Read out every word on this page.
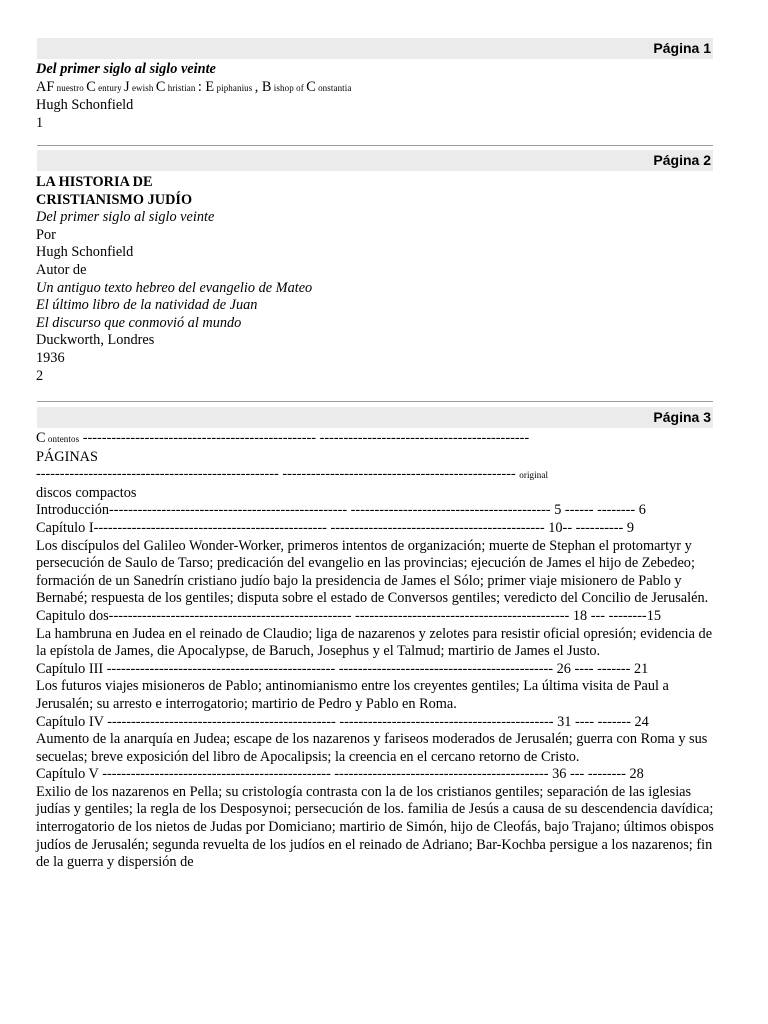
Página 1
Del primer siglo al siglo veinte
AF nuestro C entury J ewish C hristian : E piphanius , B ishop of C onstantia
Hugh Schonfield
1
Página 2
LA HISTORIA DE
CRISTIANISMO JUDÍO
Del primer siglo al siglo veinte
Por
Hugh Schonfield
Autor de
Un antiguo texto hebreo del evangelio de Mateo
El último libro de la natividad de Juan
El discurso que conmovió al mundo
Duckworth, Londres
1936
2
Página 3
C ontentos ------------------------------------------------- --------------------------------------------
PÁGINAS
--------------------------------------------------- ------------------------------------------------- original
discos compactos
Introducción-------------------------------------------------- ------------------------------------------ 5 ------ -------- 6
Capítulo I------------------------------------------------- --------------------------------------------- 10-- ---------- 9
Los discípulos del Galileo Wonder-Worker, primeros intentos de organización; muerte de Stephan el protomartyr y persecución de Saulo de Tarso; predicación del evangelio en las provincias; ejecución de James el hijo de Zebedeo; formación de un Sanedrín cristiano judío bajo la presidencia de James el Sólo; primer viaje misionero de Pablo y Bernabé; respuesta de los gentiles; disputa sobre el estado de Conversos gentiles; veredicto del Concilio de Jerusalén.
Capitulo dos--------------------------------------------------- --------------------------------------------- 18 --- --------15
La hambruna en Judea en el reinado de Claudio; liga de nazarenos y zelotes para resistir oficial opresión; evidencia de la epístola de James, die Apocalypse, de Baruch, Josephus y el Talmud; martirio de James el Justo.
Capítulo III ------------------------------------------------ --------------------------------------------- 26 ---- ------- 21
Los futuros viajes misioneros de Pablo; antinomianismo entre los creyentes gentiles; La última visita de Paul a Jerusalén; su arresto e interrogatorio; martirio de Pedro y Pablo en Roma.
Capítulo IV ------------------------------------------------ --------------------------------------------- 31 ---- ------- 24
Aumento de la anarquía en Judea; escape de los nazarenos y fariseos moderados de Jerusalén; guerra con Roma y sus secuelas; breve exposición del libro de Apocalipsis; la creencia en el cercano retorno de Cristo.
Capítulo V ------------------------------------------------ --------------------------------------------- 36 --- -------- 28
Exilio de los nazarenos en Pella; su cristología contrasta con la de los cristianos gentiles; separación de las iglesias judías y gentiles; la regla de los Desposynoi; persecución de los. familia de Jesús a causa de su descendencia davídica; interrogatorio de los nietos de Judas por Domiciano; martirio de Simón, hijo de Cleofás, bajo Trajano; últimos obispos judíos de Jerusalén; segunda revuelta de los judíos en el reinado de Adriano; Bar-Kochba persigue a los nazarenos; fin de la guerra y dispersión de
